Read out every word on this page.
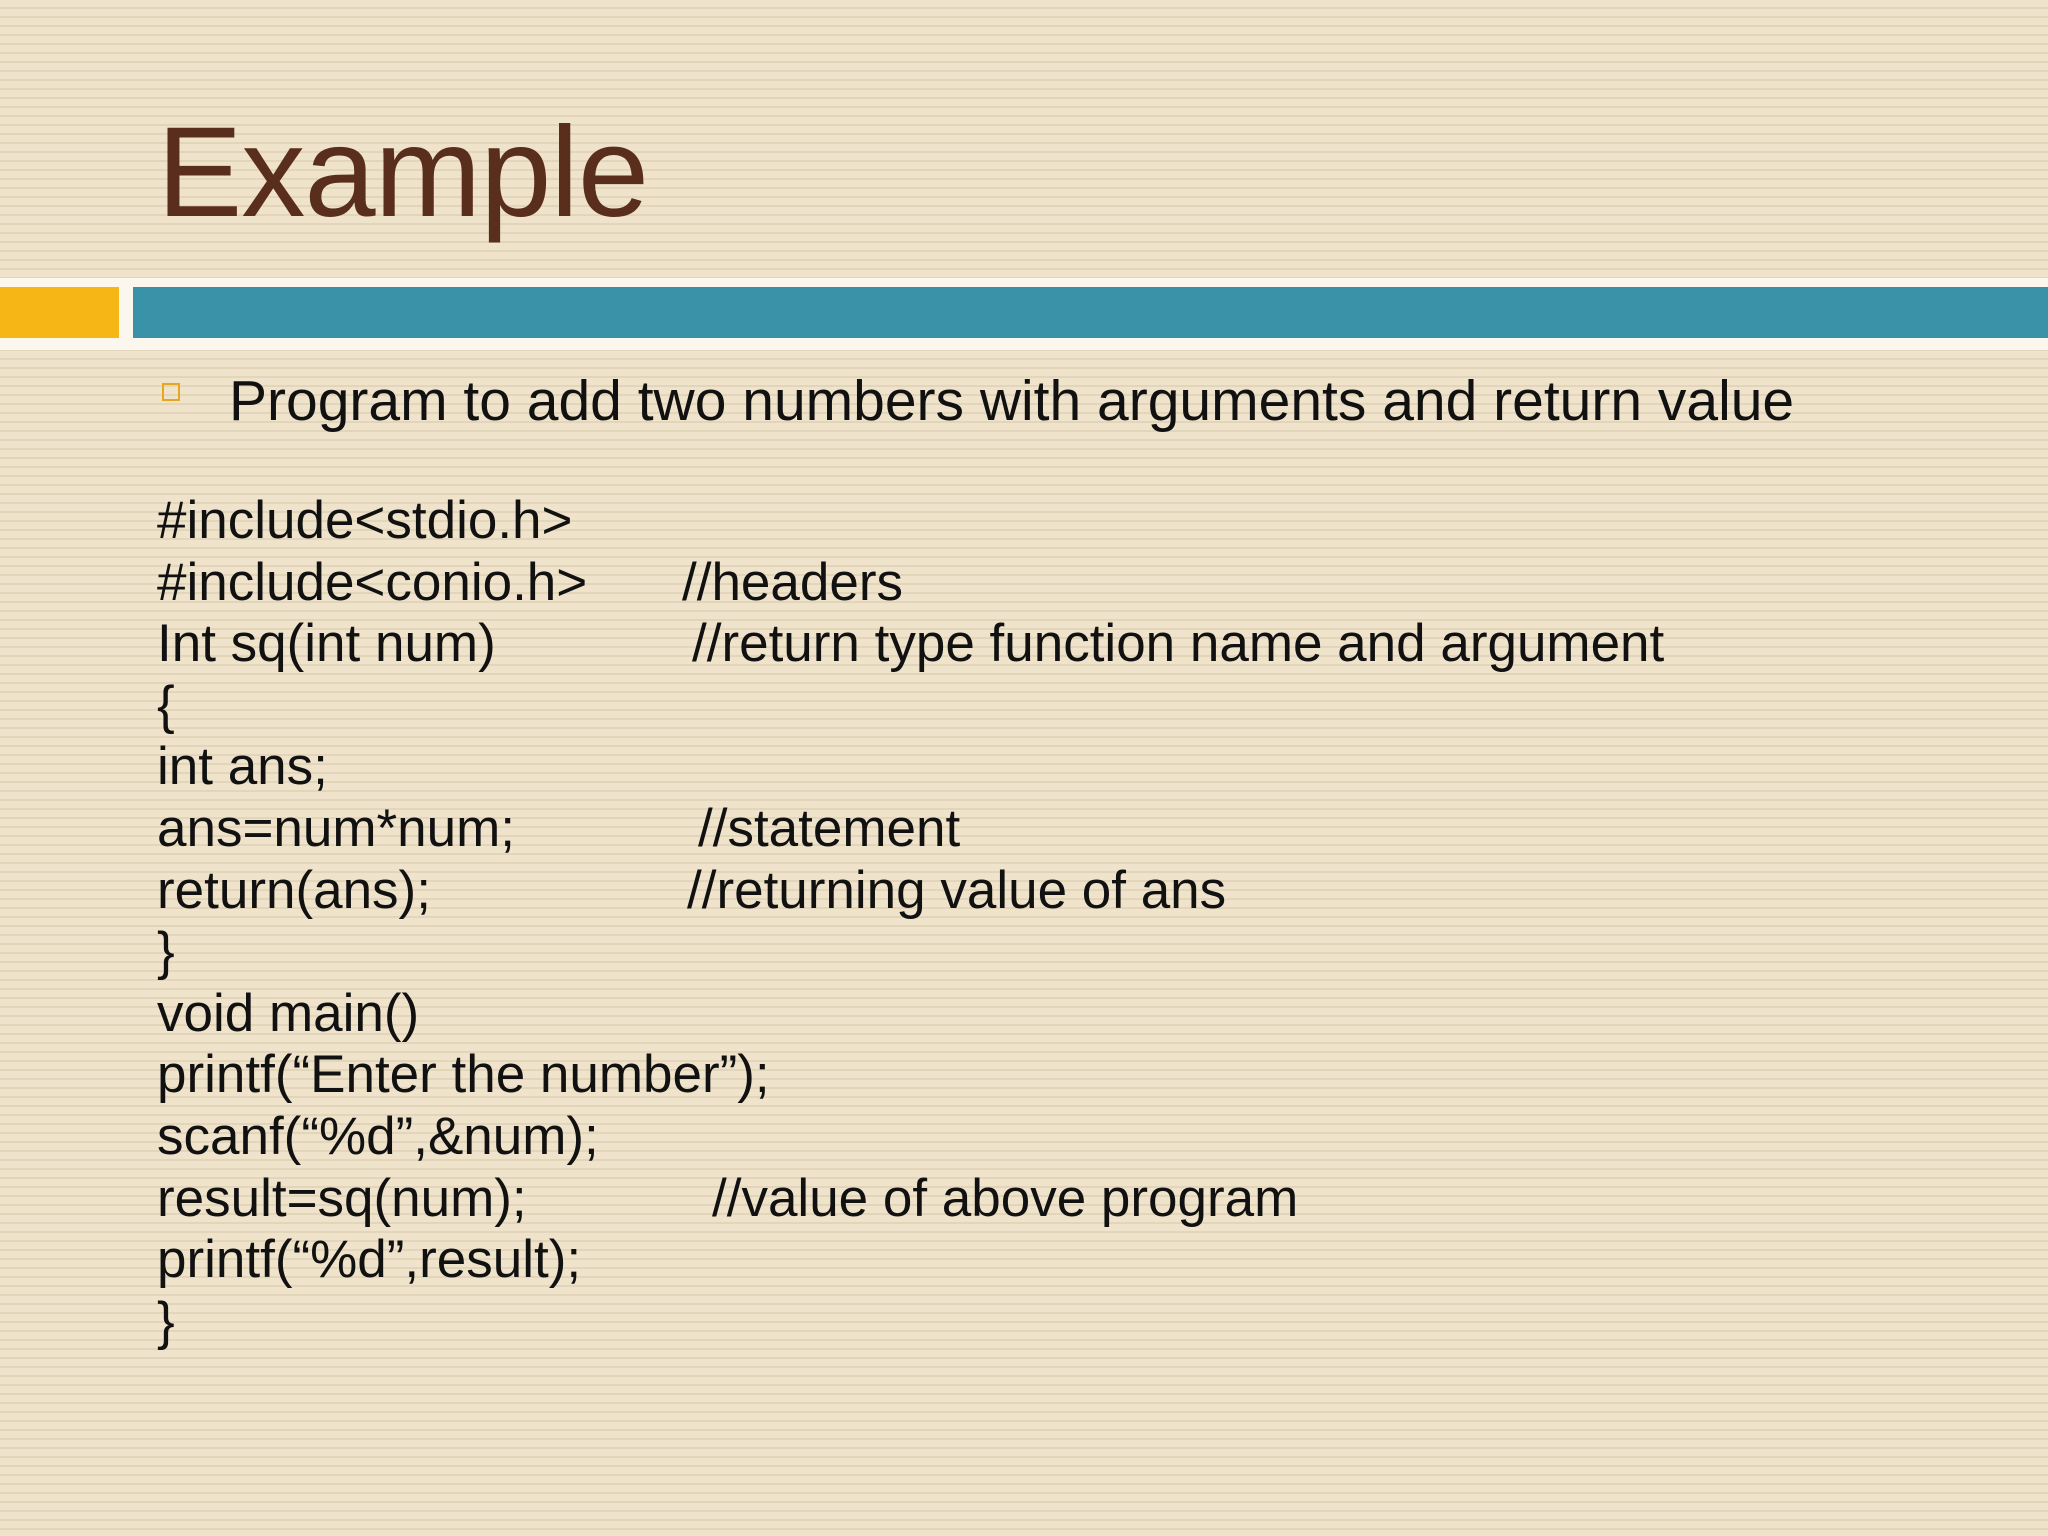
Example
Program to add two numbers with arguments and return value

#include<stdio.h>

#include<conio.h>

//headers

Int sq(int num)

	//return type function name and argument

{

int ans;

ans=num*num;

	//statement

return(ans);

	//returning value of ans

}

void main()

printf(“Enter the number”);

scanf(“%d”,&num);

result=sq(num);

	//value of above program

printf(“%d”,result);

}
